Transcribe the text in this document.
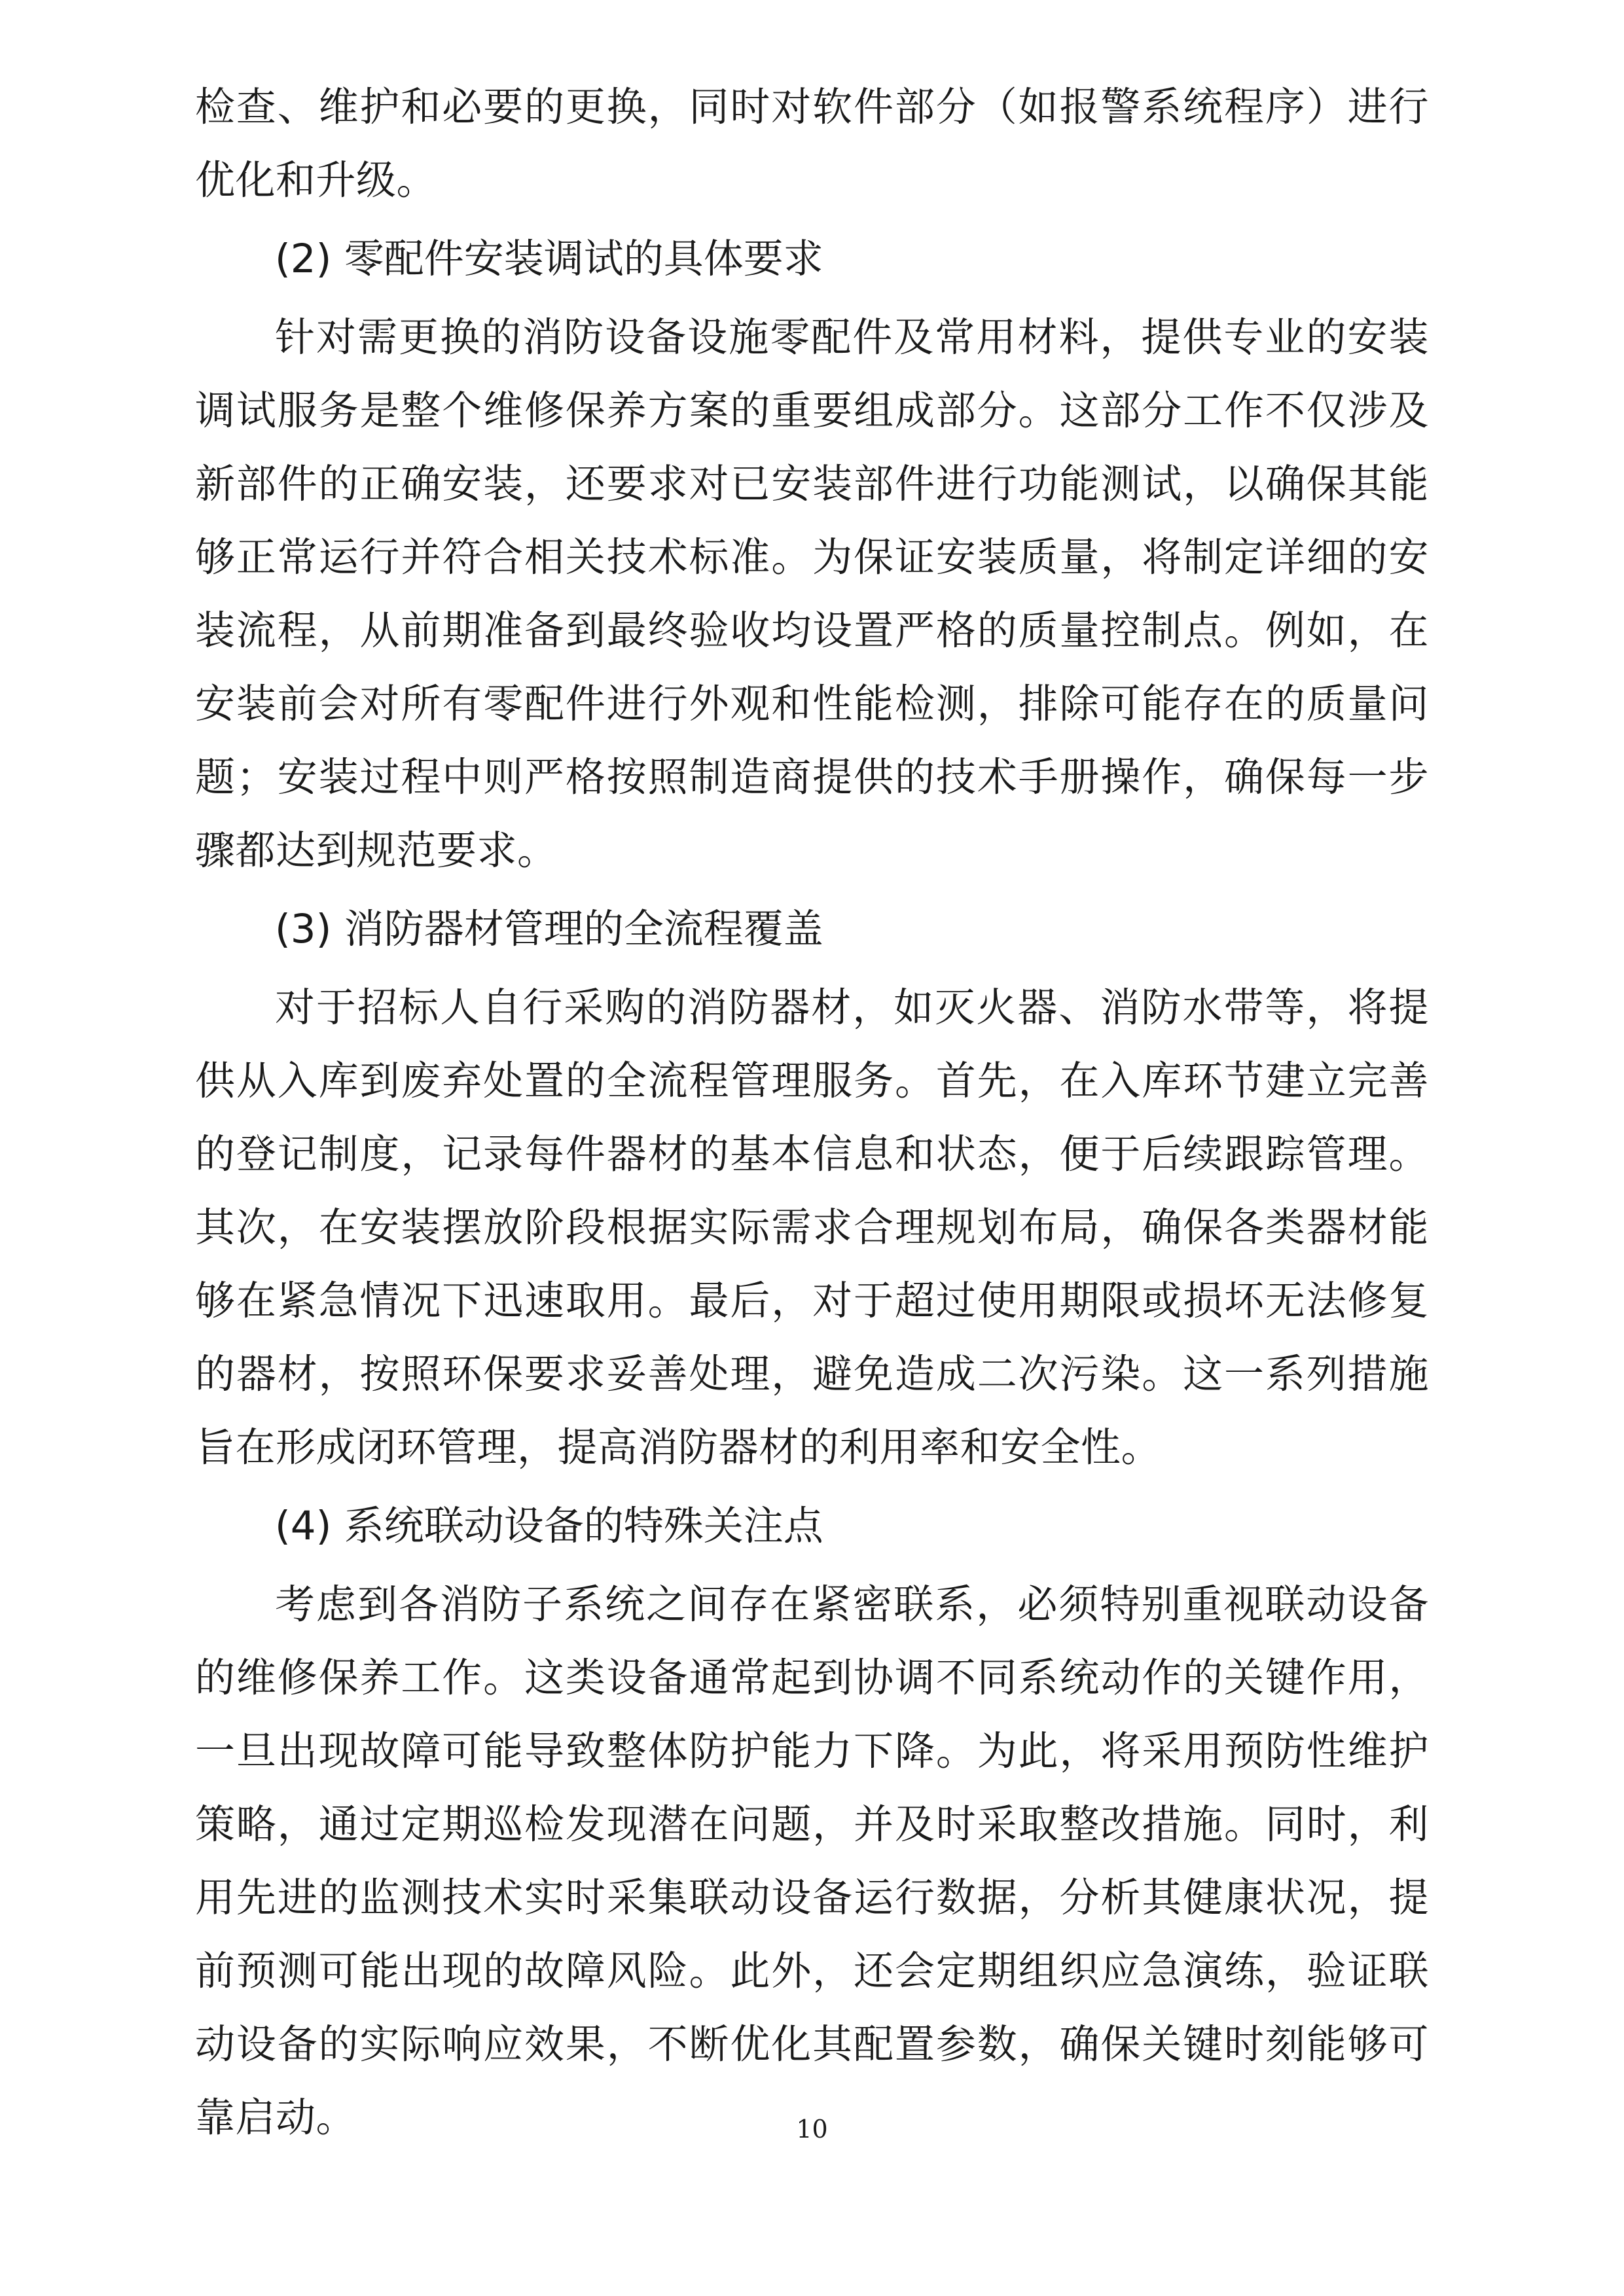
检查、维护和必要的更换，同时对软件部分（如报警系统程序）进行优化和升级。

(2) 零配件安装调试的具体要求

针对需更换的消防设备设施零配件及常用材料，提供专业的安装调试服务是整个维修保养方案的重要组成部分。这部分工作不仅涉及新部件的正确安装，还要求对已安装部件进行功能测试，以确保其能够正常运行并符合相关技术标准。为保证安装质量，将制定详细的安装流程，从前期准备到最终验收均设置严格的质量控制点。例如，在安装前会对所有零配件进行外观和性能检测，排除可能存在的质量问题；安装过程中则严格按照制造商提供的技术手册操作，确保每一步骤都达到规范要求。

(3) 消防器材管理的全流程覆盖

对于招标人自行采购的消防器材，如灭火器、消防水带等，将提供从入库到废弃处置的全流程管理服务。首先，在入库环节建立完善的登记制度，记录每件器材的基本信息和状态，便于后续跟踪管理。其次，在安装摆放阶段根据实际需求合理规划布局，确保各类器材能够在紧急情况下迅速取用。最后，对于超过使用期限或损坏无法修复的器材，按照环保要求妥善处理，避免造成二次污染。这一系列措施旨在形成闭环管理，提高消防器材的利用率和安全性。

(4) 系统联动设备的特殊关注点

考虑到各消防子系统之间存在紧密联系，必须特别重视联动设备的维修保养工作。这类设备通常起到协调不同系统动作的关键作用，一旦出现故障可能导致整体防护能力下降。为此，将采用预防性维护策略，通过定期巡检发现潜在问题，并及时采取整改措施。同时，利用先进的监测技术实时采集联动设备运行数据，分析其健康状况，提前预测可能出现的故障风险。此外，还会定期组织应急演练，验证联动设备的实际响应效果，不断优化其配置参数，确保关键时刻能够可靠启动。	10
